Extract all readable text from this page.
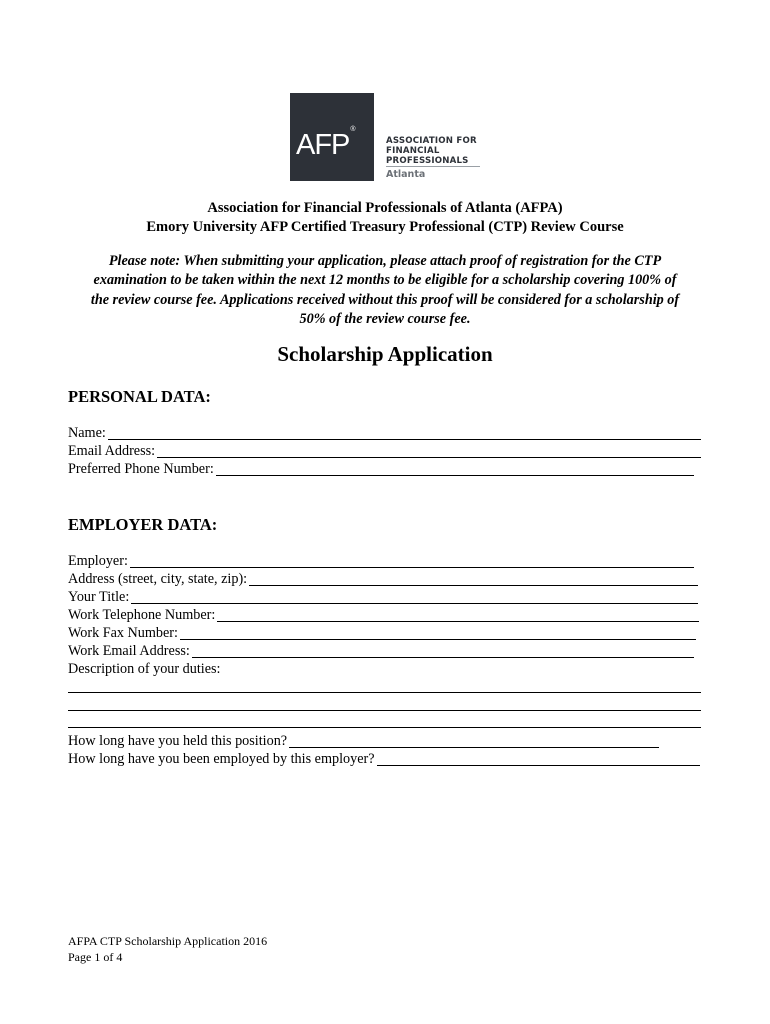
AFP®
ASSOCIATION FOR
FINANCIAL
PROFESSIONALS
Atlanta
Association for Financial Professionals of Atlanta (AFPA)
Emory University AFP Certified Treasury Professional (CTP) Review Course
Please note: When submitting your application, please attach proof of registration for the CTP
examination to be taken within the next 12 months to be eligible for a scholarship covering 100% of
the review course fee. Applications received without this proof will be considered for a scholarship of
50% of the review course fee.
Scholarship Application
PERSONAL DATA:
Name:
Email Address:
Preferred Phone Number:
EMPLOYER DATA:
Employer:
Address (street, city, state, zip):
Your Title:
Work Telephone Number:
Work Fax Number:
Work Email Address:
Description of your duties:
How long have you held this position?
How long have you been employed by this employer?
AFPA CTP Scholarship Application 2016
Page 1 of 4
